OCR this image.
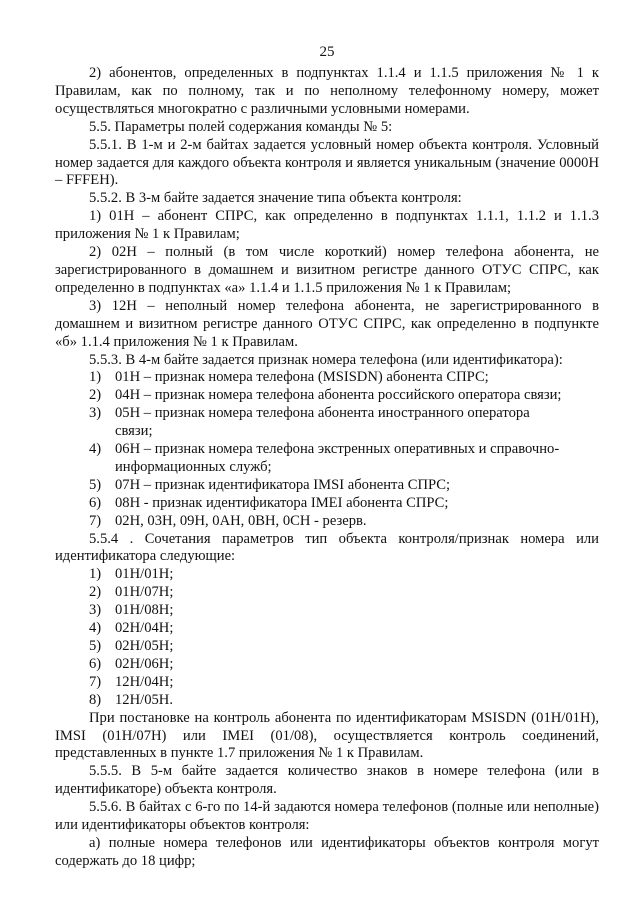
25

2) абонентов, определенных в подпунктах 1.1.4 и 1.1.5 приложения № 1 к Правилам, как по полному, так и по неполному телефонному номеру, может осуществляться многократно с различными условными номерами.

5.5. Параметры полей содержания команды № 5:

5.5.1. В 1-м и 2-м байтах задается условный номер объекта контроля. Условный номер задается для каждого объекта контроля и является уникальным (значение 0000H – FFFEH).

5.5.2. В 3-м байте задается значение типа объекта контроля:

1) 01Н – абонент СПРС, как определенно в подпунктах 1.1.1, 1.1.2 и 1.1.3 приложения № 1 к Правилам;

2) 02Н – полный (в том числе короткий) номер телефона абонента, не зарегистрированного в домашнем и визитном регистре данного ОТУС СПРС, как определенно в подпунктах «а» 1.1.4 и 1.1.5 приложения № 1 к Правилам;

3) 12Н – неполный номер телефона абонента, не зарегистрированного в домашнем и визитном регистре данного ОТУС СПРС, как определенно в подпункте «б» 1.1.4 приложения № 1 к Правилам.

5.5.3. В 4-м байте задается признак номера телефона (или идентификатора):

1) 01Н – признак номера телефона (MSISDN) абонента СПРС;
2) 04Н – признак номера телефона абонента российского оператора связи;
3) 05Н – признак номера телефона абонента иностранного оператора связи;
4) 06Н – признак номера телефона экстренных оперативных и справочно-информационных служб;
5) 07Н – признак идентификатора IMSI абонента СПРС;
6) 08Н - признак идентификатора IMEI абонента СПРС;
7) 02Н, 03Н, 09Н, 0АН, 0ВН, 0СН - резерв.

5.5.4 . Сочетания параметров тип объекта контроля/признак номера или идентификатора следующие:

1) 01Н/01Н;
2) 01Н/07Н;
3) 01Н/08Н;
4) 02Н/04Н;
5) 02Н/05Н;
6) 02Н/06Н;
7) 12Н/04Н;
8) 12Н/05Н.

При постановке на контроль абонента по идентификаторам MSISDN (01H/01H), IMSI (01H/07H) или IMEI (01/08), осуществляется контроль соединений, представленных в пункте 1.7 приложения № 1 к Правилам.

5.5.5. В 5-м байте задается количество знаков в номере телефона (или в идентификаторе) объекта контроля.

5.5.6. В байтах с 6-го по 14-й задаются номера телефонов (полные или неполные) или идентификаторы объектов контроля:

а) полные номера телефонов или идентификаторы объектов контроля могут содержать до 18 цифр;
